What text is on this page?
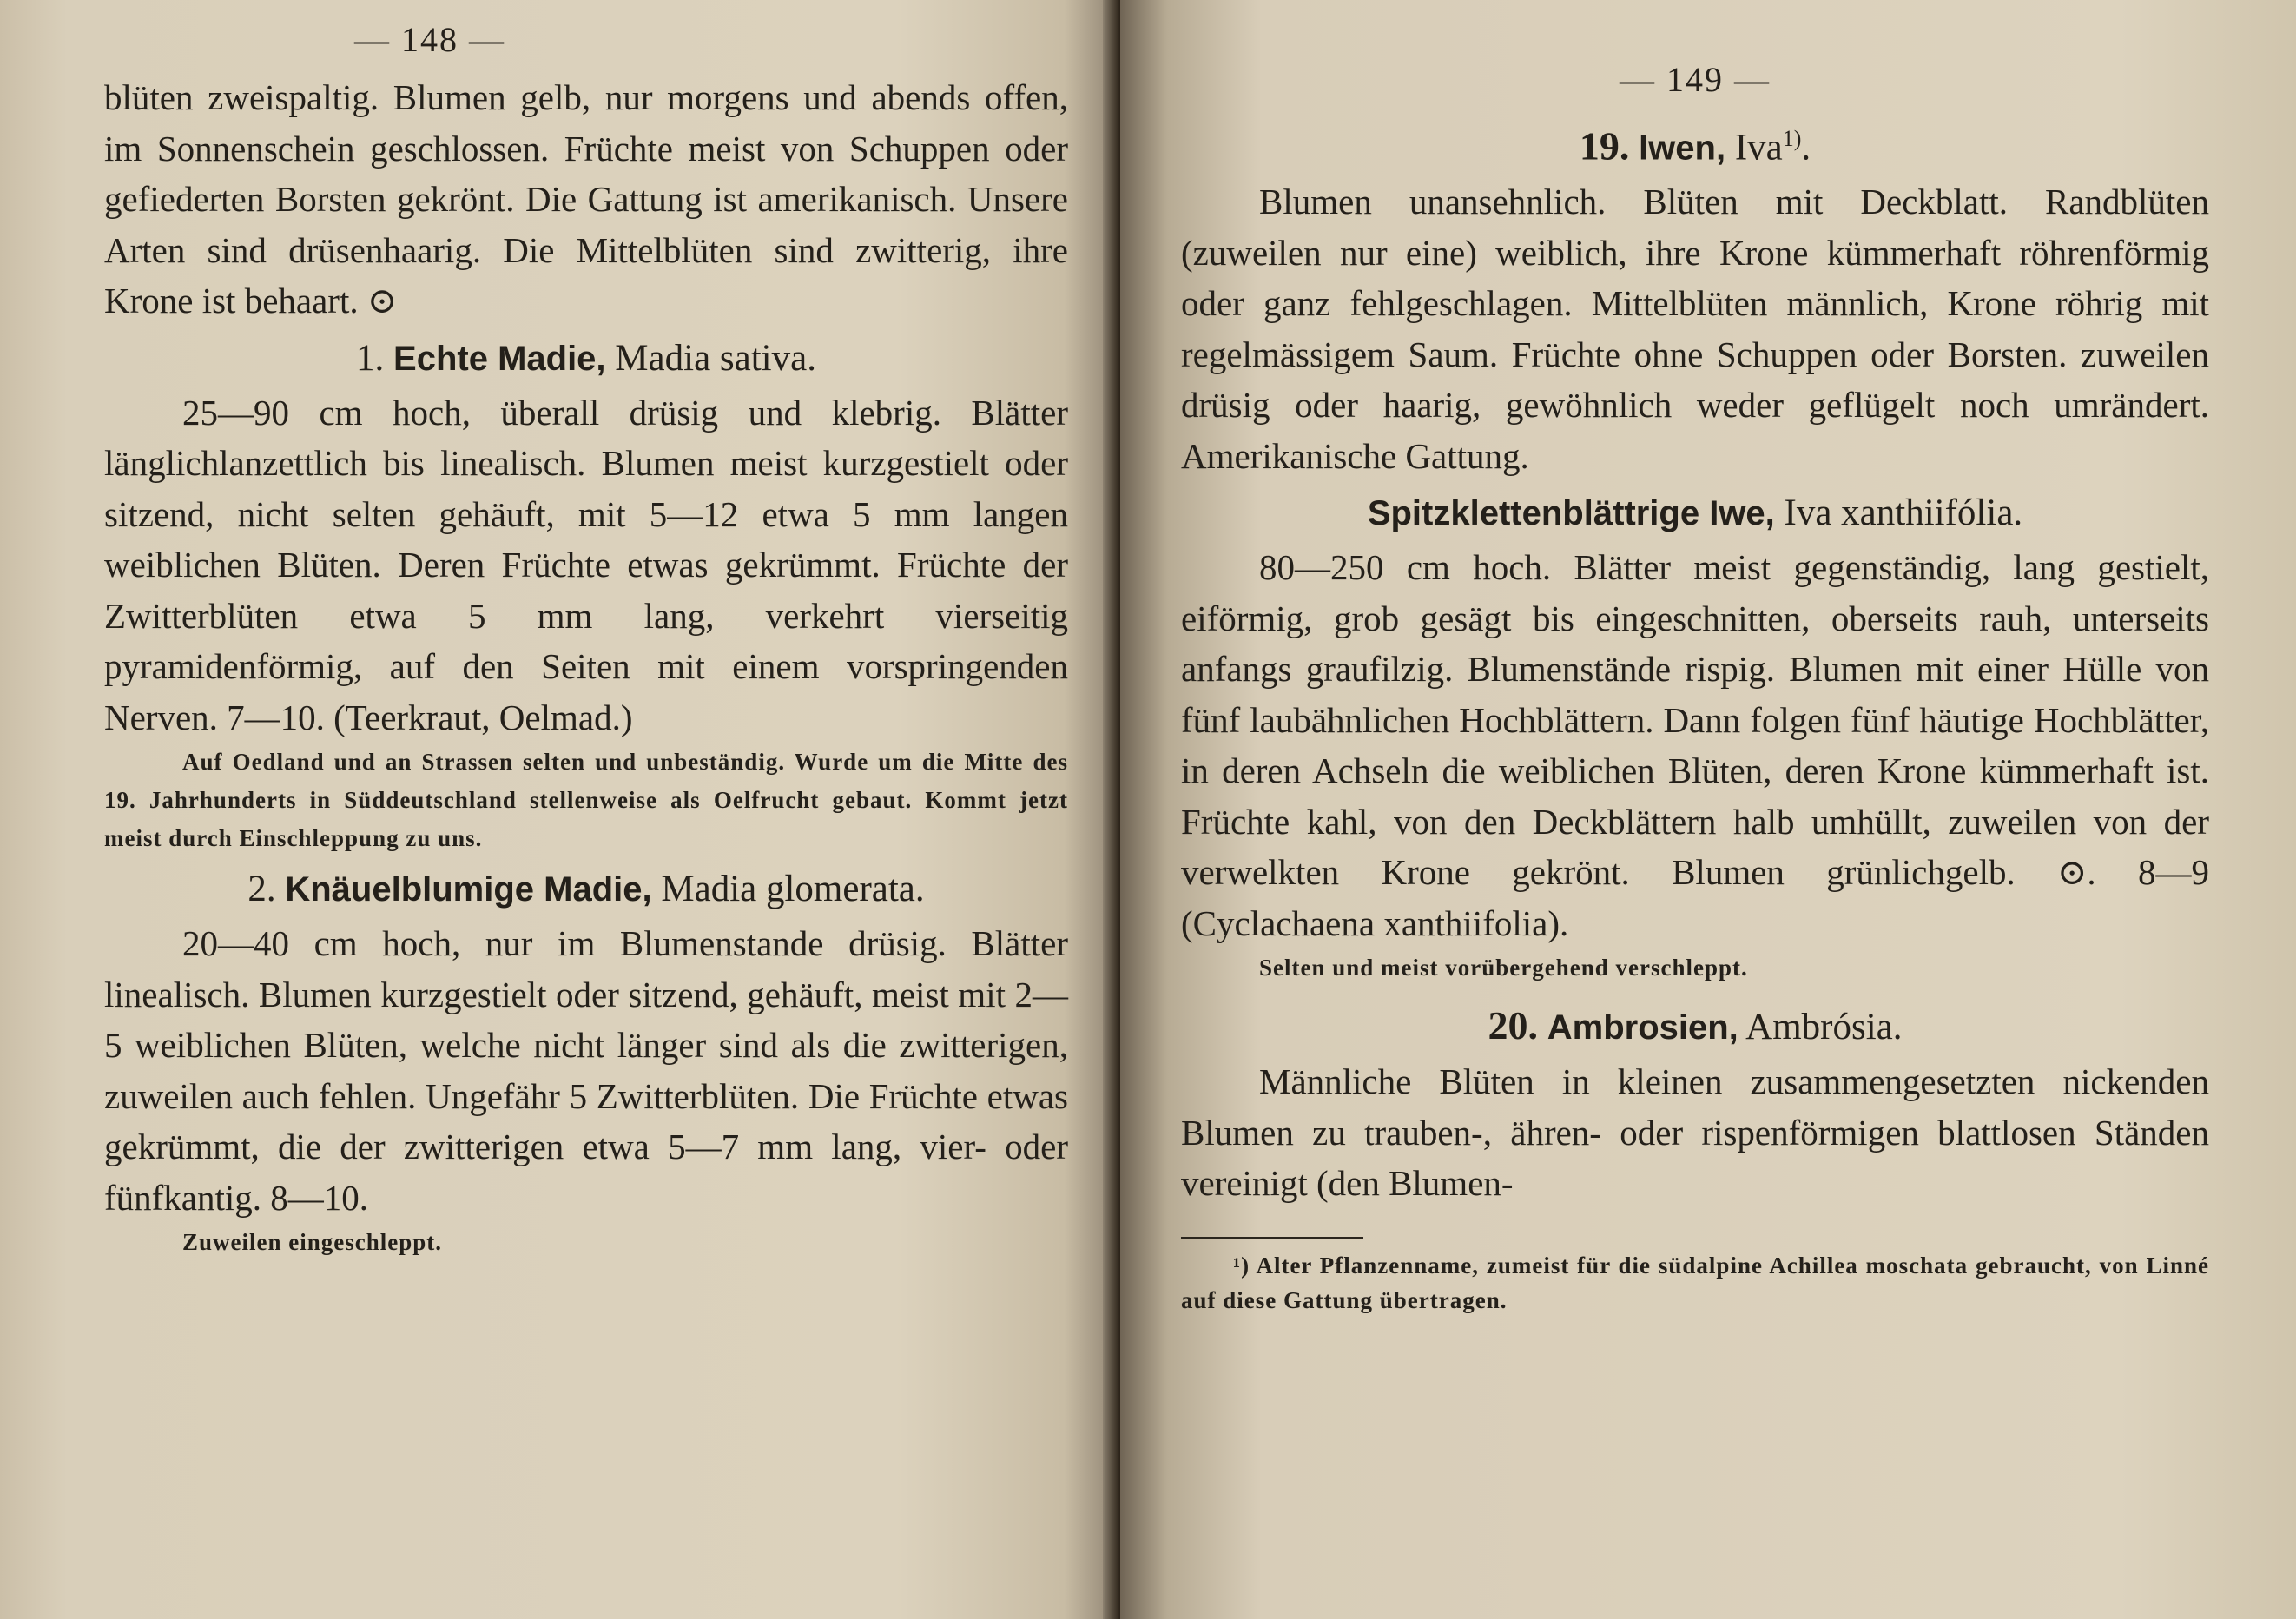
— 148 —

blüten zweispaltig. Blumen gelb, nur morgens und abends offen, im Sonnenschein geschlossen. Früchte meist von Schuppen oder gefiederten Borsten gekrönt. Die Gattung ist amerikanisch. Unsere Arten sind drüsenhaarig. Die Mittelblüten sind zwitterig, ihre Krone ist behaart. ⊙

1. Echte Madie, Madia sativa.

25—90 cm hoch, überall drüsig und klebrig. Blätter länglichlanzettlich bis linealisch. Blumen meist kurzgestielt oder sitzend, nicht selten gehäuft, mit 5—12 etwa 5 mm langen weiblichen Blüten. Deren Früchte etwas gekrümmt. Früchte der Zwitterblüten etwa 5 mm lang, verkehrt vierseitig pyramidenförmig, auf den Seiten mit einem vorspringenden Nerven. 7—10. (Teerkraut, Oelmad.)

Auf Oedland und an Strassen selten und unbeständig. Wurde um die Mitte des 19. Jahrhunderts in Süddeutschland stellenweise als Oelfrucht gebaut. Kommt jetzt meist durch Einschleppung zu uns.

2. Knäuelblumige Madie, Madia glomerata.

20—40 cm hoch, nur im Blumenstande drüsig. Blätter linealisch. Blumen kurzgestielt oder sitzend, gehäuft, meist mit 2—5 weiblichen Blüten, welche nicht länger sind als die zwitterigen, zuweilen auch fehlen. Ungefähr 5 Zwitterblüten. Die Früchte etwas gekrümmt, die der zwitterigen etwa 5—7 mm lang, vier- oder fünfkantig. 8—10.

Zuweilen eingeschleppt.

— 149 —
19. Iwen, Iva$^{1)}$.

Blumen unansehnlich. Blüten mit Deckblatt. Randblüten (zuweilen nur eine) weiblich, ihre Krone kümmerhaft röhrenförmig oder ganz fehlgeschlagen. Mittelblüten männlich, Krone röhrig mit regelmässigem Saum. Früchte ohne Schuppen oder Borsten. zuweilen drüsig oder haarig, gewöhnlich weder geflügelt noch umrändert. Amerikanische Gattung.

Spitzklettenblättrige Iwe, Iva xanthiifólia.

80—250 cm hoch. Blätter meist gegenständig, lang gestielt, eiförmig, grob gesägt bis eingeschnitten, oberseits rauh, unterseits anfangs graufilzig. Blumenstände rispig. Blumen mit einer Hülle von fünf laubähnlichen Hochblättern. Dann folgen fünf häutige Hochblätter, in deren Achseln die weiblichen Blüten, deren Krone kümmerhaft ist. Früchte kahl, von den Deckblättern halb umhüllt, zuweilen von der verwelkten Krone gekrönt. Blumen grünlichgelb. ⊙. 8—9 (Cyclachaena xanthiifolia).

Selten und meist vorübergehend verschleppt.

20. Ambrosien, Ambrósia.

Männliche Blüten in kleinen zusammengesetzten nickenden Blumen zu trauben-, ähren- oder rispenförmigen blattlosen Ständen vereinigt (den Blumen-

¹) Alter Pflanzenname, zumeist für die südalpine Achillea moschata gebraucht, von Linné auf diese Gattung übertragen.
